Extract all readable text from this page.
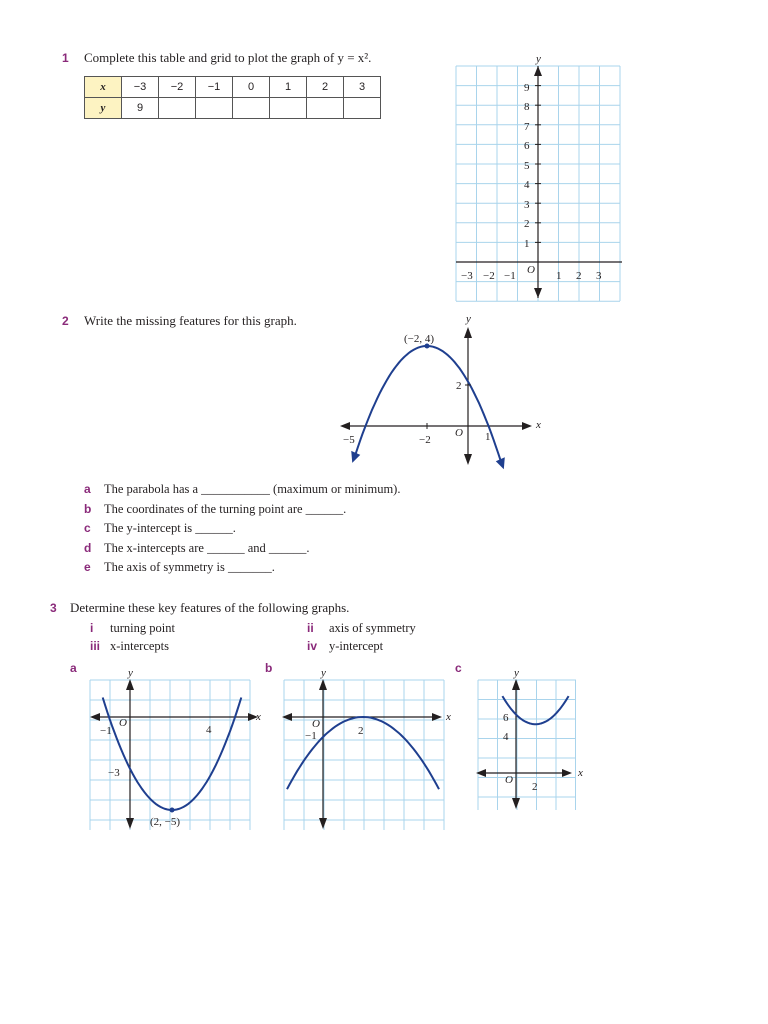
1 Complete this table and grid to plot the graph of y = x².
x	−3	−2	−1	0	1	2	3
y	9						
y
O
1
2
3
4
5
6
7
8
9
−3 −2 −1	1 2 3
2 Write the missing features for this graph.	y
x
O
(−2, 4)
2
−5	−2	1
a The parabola has a ___________ (maximum or minimum).
b The coordinates of the turning point are ______.
c The y-intercept is ______.
d The x-intercepts are ______ and ______.
e The axis of symmetry is _______.
3 Determine these key features of the following graphs.
i turning point	ii axis of symmetry
iii x-intercepts	iv y-intercept
a	b	c
y
x
O
−1	4
−3
(2, −5)
y
x
O
−1	2
y
x
O
6
4
2
